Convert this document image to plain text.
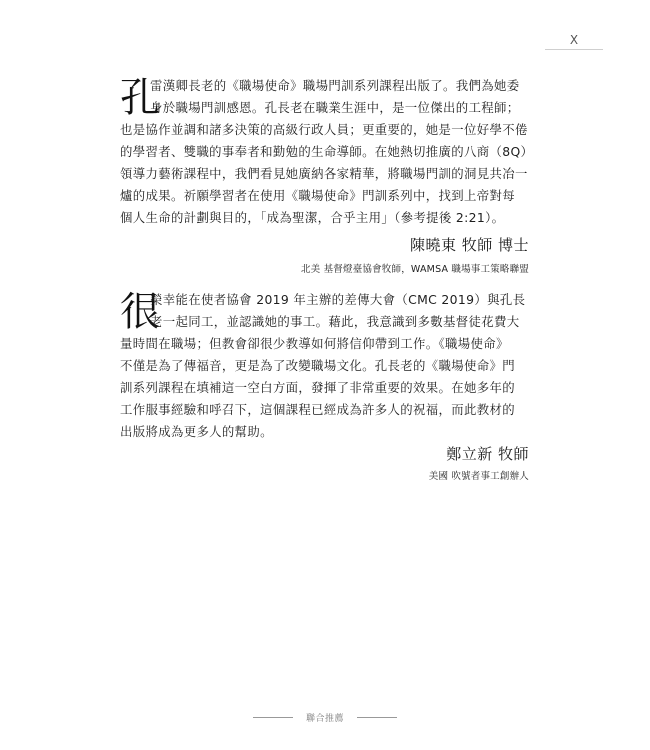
X
孔
雷漢卿長老的《職場使命》職場門訓系列課程出版了。我們為她委
身於職場門訓感恩。孔長老在職業生涯中，是一位傑出的工程師；
也是協作並調和諸多決策的高級行政人員；更重要的，她是一位好學不倦
的學習者、雙職的事奉者和勤勉的生命導師。在她熱切推廣的八商（8Q）
領導力藝術課程中，我們看見她廣納各家精華，將職場門訓的洞見共冶一
爐的成果。祈願學習者在使用《職場使命》門訓系列中，找到上帝對每
個人生命的計劃與目的，「成為聖潔，合乎主用」（參考提後 2:21）。
陳曉東 牧師 博士
北美 基督燈臺協會牧師，WAMSA 職場事工策略聯盟
很
榮幸能在使者協會 2019 年主辦的差傳大會（CMC 2019）與孔長
老一起同工，並認識她的事工。藉此，我意識到多數基督徒花費大
量時間在職場；但教會卻很少教導如何將信仰帶到工作。《職場使命》
不僅是為了傳福音，更是為了改變職場文化。孔長老的《職場使命》門
訓系列課程在填補這一空白方面，發揮了非常重要的效果。在她多年的
工作服事經驗和呼召下，這個課程已經成為許多人的祝福，而此教材的
出版將成為更多人的幫助。
鄭立新 牧師
美國 吹號者事工創辦人
聯合推薦
